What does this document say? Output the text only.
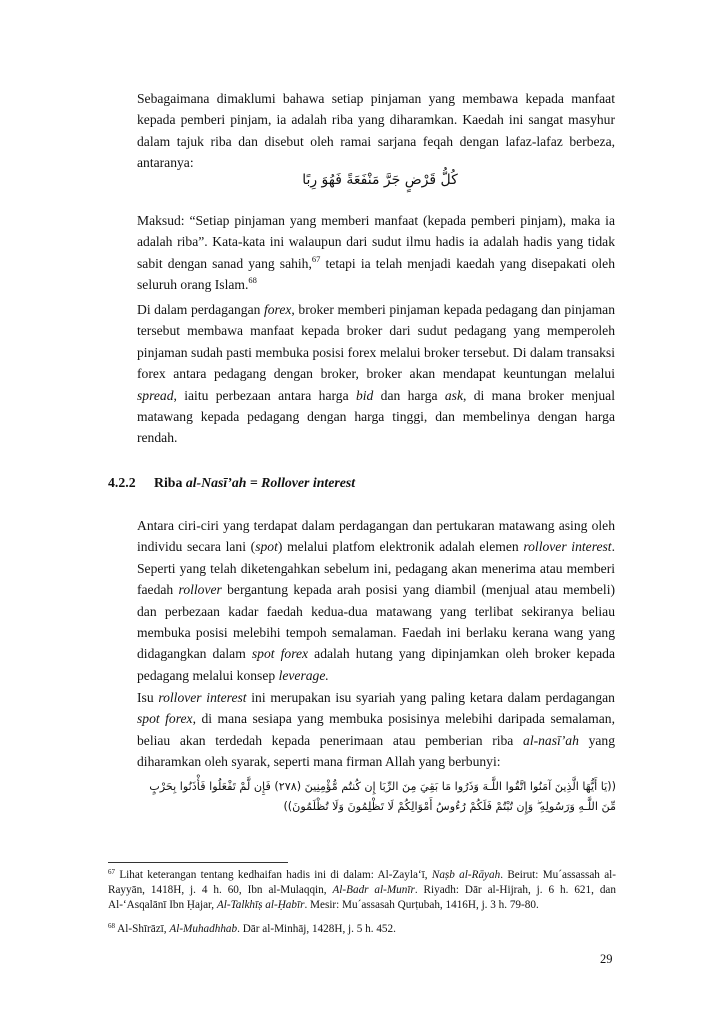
Sebagaimana dimaklumi bahawa setiap pinjaman yang membawa kepada manfaat kepada pemberi pinjam, ia adalah riba yang diharamkan. Kaedah ini sangat masyhur dalam tajuk riba dan disebut oleh ramai sarjana feqah dengan lafaz-lafaz berbeza, antaranya:

كُلُّ قَرْضٍ جَرَّ مَنْفَعَةً فَهُوَ رِبًا

Maksud: “Setiap pinjaman yang memberi manfaat (kepada pemberi pinjam), maka ia adalah riba”. Kata-kata ini walaupun dari sudut ilmu hadis ia adalah hadis yang tidak sabit dengan sanad yang sahih,$^{67}$ tetapi ia telah menjadi kaedah yang disepakati oleh seluruh orang Islam.$^{68}$

Di dalam perdagangan forex, broker memberi pinjaman kepada pedagang dan pinjaman tersebut membawa manfaat kepada broker dari sudut pedagang yang memperoleh pinjaman sudah pasti membuka posisi forex melalui broker tersebut. Di dalam transaksi forex antara pedagang dengan broker, broker akan mendapat keuntungan melalui spread, iaitu perbezaan antara harga bid dan harga ask, di mana broker menjual matawang kepada pedagang dengan harga tinggi, dan membelinya dengan harga rendah.

4.2.2 Riba al-Nasī’ah = Rollover interest

Antara ciri-ciri yang terdapat dalam perdagangan dan pertukaran matawang asing oleh individu secara lani (spot) melalui platfom elektronik adalah elemen rollover interest. Seperti yang telah diketengahkan sebelum ini, pedagang akan menerima atau memberi faedah rollover bergantung kepada arah posisi yang diambil (menjual atau membeli) dan perbezaan kadar faedah kedua-dua matawang yang terlibat sekiranya beliau membuka posisi melebihi tempoh semalaman. Faedah ini berlaku kerana wang yang didagangkan dalam spot forex adalah hutang yang dipinjamkan oleh broker kepada pedagang melalui konsep leverage.

Isu rollover interest ini merupakan isu syariah yang paling ketara dalam perdagangan spot forex, di mana sesiapa yang membuka posisinya melebihi daripada semalaman, beliau akan terdedah kepada penerimaan atau pemberian riba al-nasī’ah yang diharamkan oleh syarak, seperti mana firman Allah yang berbunyi:

((يَا أَيُّهَا الَّذِينَ آمَنُوا اتَّقُوا اللَّـهَ وَذَرُوا مَا بَقِيَ مِنَ الرِّبَا إِن كُنتُم مُّؤْمِنِينَ (٢٧٨) فَإِن لَّمْ تَفْعَلُوا فَأْذَنُوا بِحَرْبٍ
مِّنَ اللَّـهِ وَرَسُولِهِ ۖ وَإِن تُبْتُمْ فَلَكُمْ رُءُوسُ أَمْوَالِكُمْ لَا تَظْلِمُونَ وَلَا تُظْلَمُونَ))

$^{67}$ Lihat keterangan tentang kedhaifan hadis ini di dalam: Al-Zayla‘ī, Naṣb al-Rāyah. Beirut: Mu´assassah al-Rayyān, 1418H, j. 4 h. 60, Ibn al-Mulaqqin, Al-Badr al-Munīr. Riyadh: Dār al-Hijrah, j. 6 h. 621, dan Al-‘Asqalānī Ibn Ḥajar, Al-Talkhīṣ al-Ḥabīr. Mesir: Mu´assasah Qurṭubah, 1416H, j. 3 h. 79-80.

$^{68}$ Al-Shīrāzī, Al-Muhadhhab. Dār al-Minhāj, 1428H, j. 5 h. 452.

29
